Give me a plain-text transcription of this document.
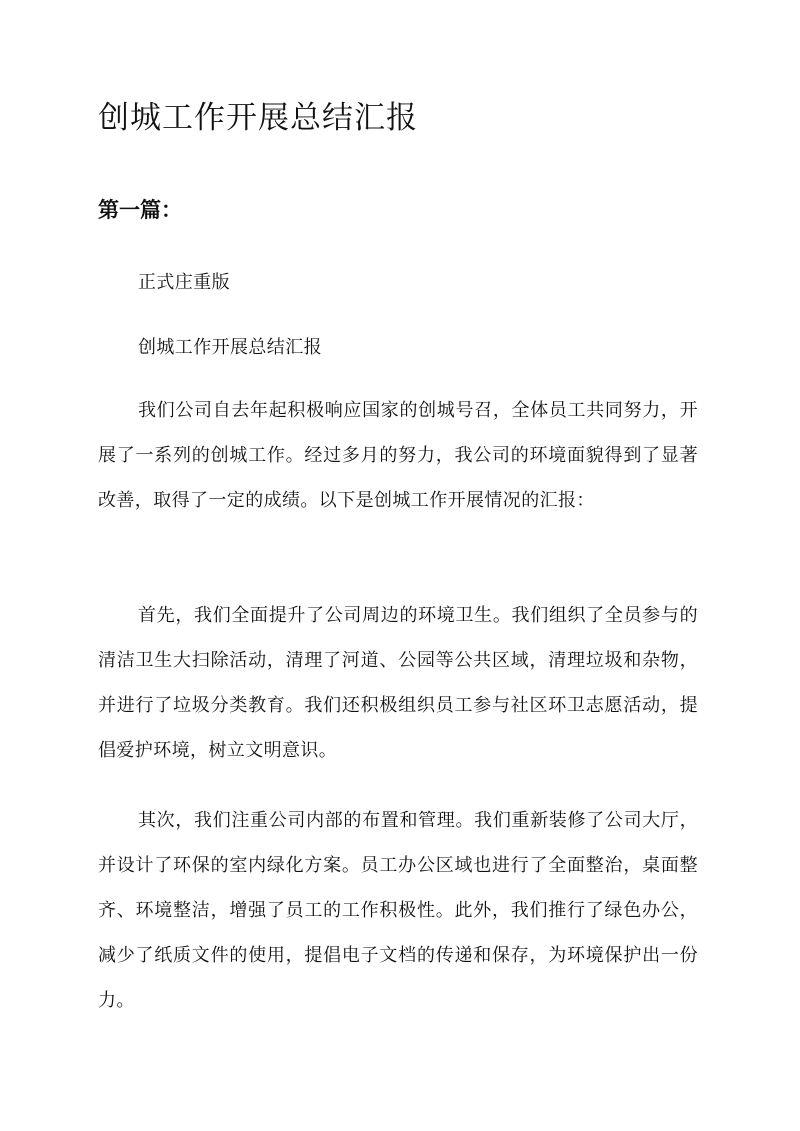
创城工作开展总结汇报
第一篇：

正式庄重版

创城工作开展总结汇报

我们公司自去年起积极响应国家的创城号召，全体员工共同努力，开展了一系列的创城工作。经过多月的努力，我公司的环境面貌得到了显著改善，取得了一定的成绩。以下是创城工作开展情况的汇报：

首先，我们全面提升了公司周边的环境卫生。我们组织了全员参与的清洁卫生大扫除活动，清理了河道、公园等公共区域，清理垃圾和杂物，并进行了垃圾分类教育。我们还积极组织员工参与社区环卫志愿活动，提倡爱护环境，树立文明意识。

其次，我们注重公司内部的布置和管理。我们重新装修了公司大厅，并设计了环保的室内绿化方案。员工办公区域也进行了全面整治，桌面整齐、环境整洁，增强了员工的工作积极性。此外，我们推行了绿色办公，减少了纸质文件的使用，提倡电子文档的传递和保存，为环境保护出一份力。
